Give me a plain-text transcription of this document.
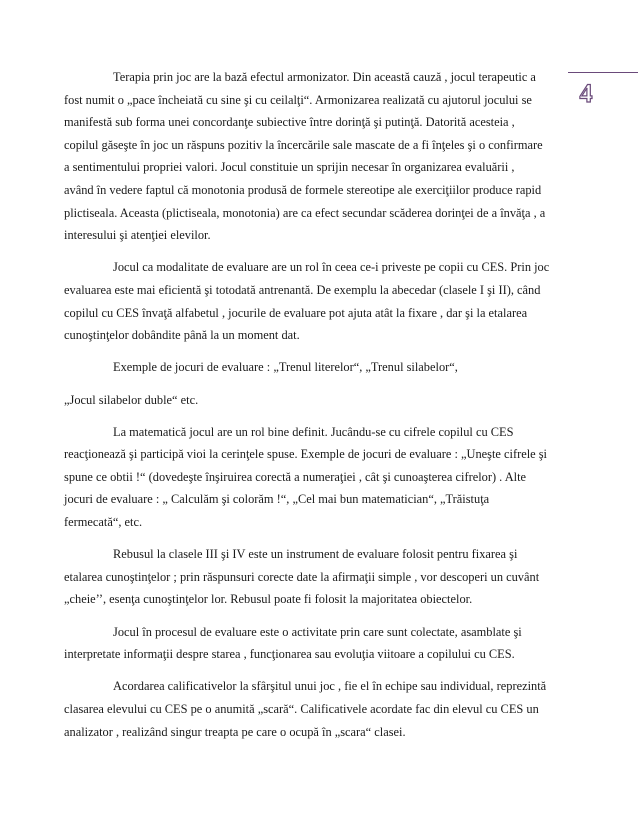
4
Terapia prin joc are la bază efectul armonizator. Din această cauză , jocul terapeutic a
fost numit o „pace încheiată cu sine şi cu ceilalţi“. Armonizarea realizată cu ajutorul jocului se
manifestă sub forma unei concordanţe subiective între dorinţă şi putinţă. Datorită acesteia ,
copilul găseşte în joc un răspuns pozitiv la încercările sale mascate de a fi înţeles şi o confirmare
a sentimentului propriei valori. Jocul constituie un sprijin necesar în organizarea evaluării ,
având în vedere faptul că monotonia produsă de formele stereotipe ale exerciţiilor produce rapid
plictiseala. Aceasta (plictiseala, monotonia) are ca efect secundar scăderea dorinţei de a învăţa , a
interesului şi atenţiei elevilor.
Jocul ca modalitate de evaluare are un rol în ceea ce-i priveste pe copii cu CES. Prin joc
evaluarea este mai eficientă şi totodată antrenantă. De exemplu la abecedar (clasele I şi II), când
copilul cu CES învaţă alfabetul , jocurile de evaluare pot ajuta atât la fixare , dar şi la etalarea
cunoştinţelor dobândite până la un moment dat.
Exemple de jocuri de evaluare : „Trenul literelor“, „Trenul silabelor“,
„Jocul silabelor duble“ etc.
La matematică jocul are un rol bine definit. Jucându-se cu cifrele copilul cu CES
reacţionează şi participă vioi la cerinţele spuse. Exemple de jocuri de evaluare : „Uneşte cifrele şi
spune ce obtii !“ (dovedeşte înşiruirea corectă a numeraţiei , cât şi cunoaşterea cifrelor) . Alte
jocuri de evaluare : „ Calculăm şi colorăm !“, „Cel mai bun matematician“, „Trăistuţa
fermecată“, etc.
Rebusul la clasele III şi IV este un instrument de evaluare folosit pentru fixarea şi
etalarea cunoştinţelor ; prin răspunsuri corecte date la afirmaţii simple , vor descoperi un cuvânt
„cheie’’, esenţa cunoştinţelor lor. Rebusul poate fi folosit la majoritatea obiectelor.
Jocul în procesul de evaluare este o activitate prin care sunt colectate, asamblate şi
interpretate informaţii despre starea , funcţionarea sau evoluţia viitoare a copilului cu CES.
Acordarea calificativelor la sfârşitul unui joc , fie el în echipe sau individual, reprezintă
clasarea elevului cu CES pe o anumită „scară“. Calificativele acordate fac din elevul cu CES un
analizator , realizând singur treapta pe care o ocupă în „scara“ clasei.
